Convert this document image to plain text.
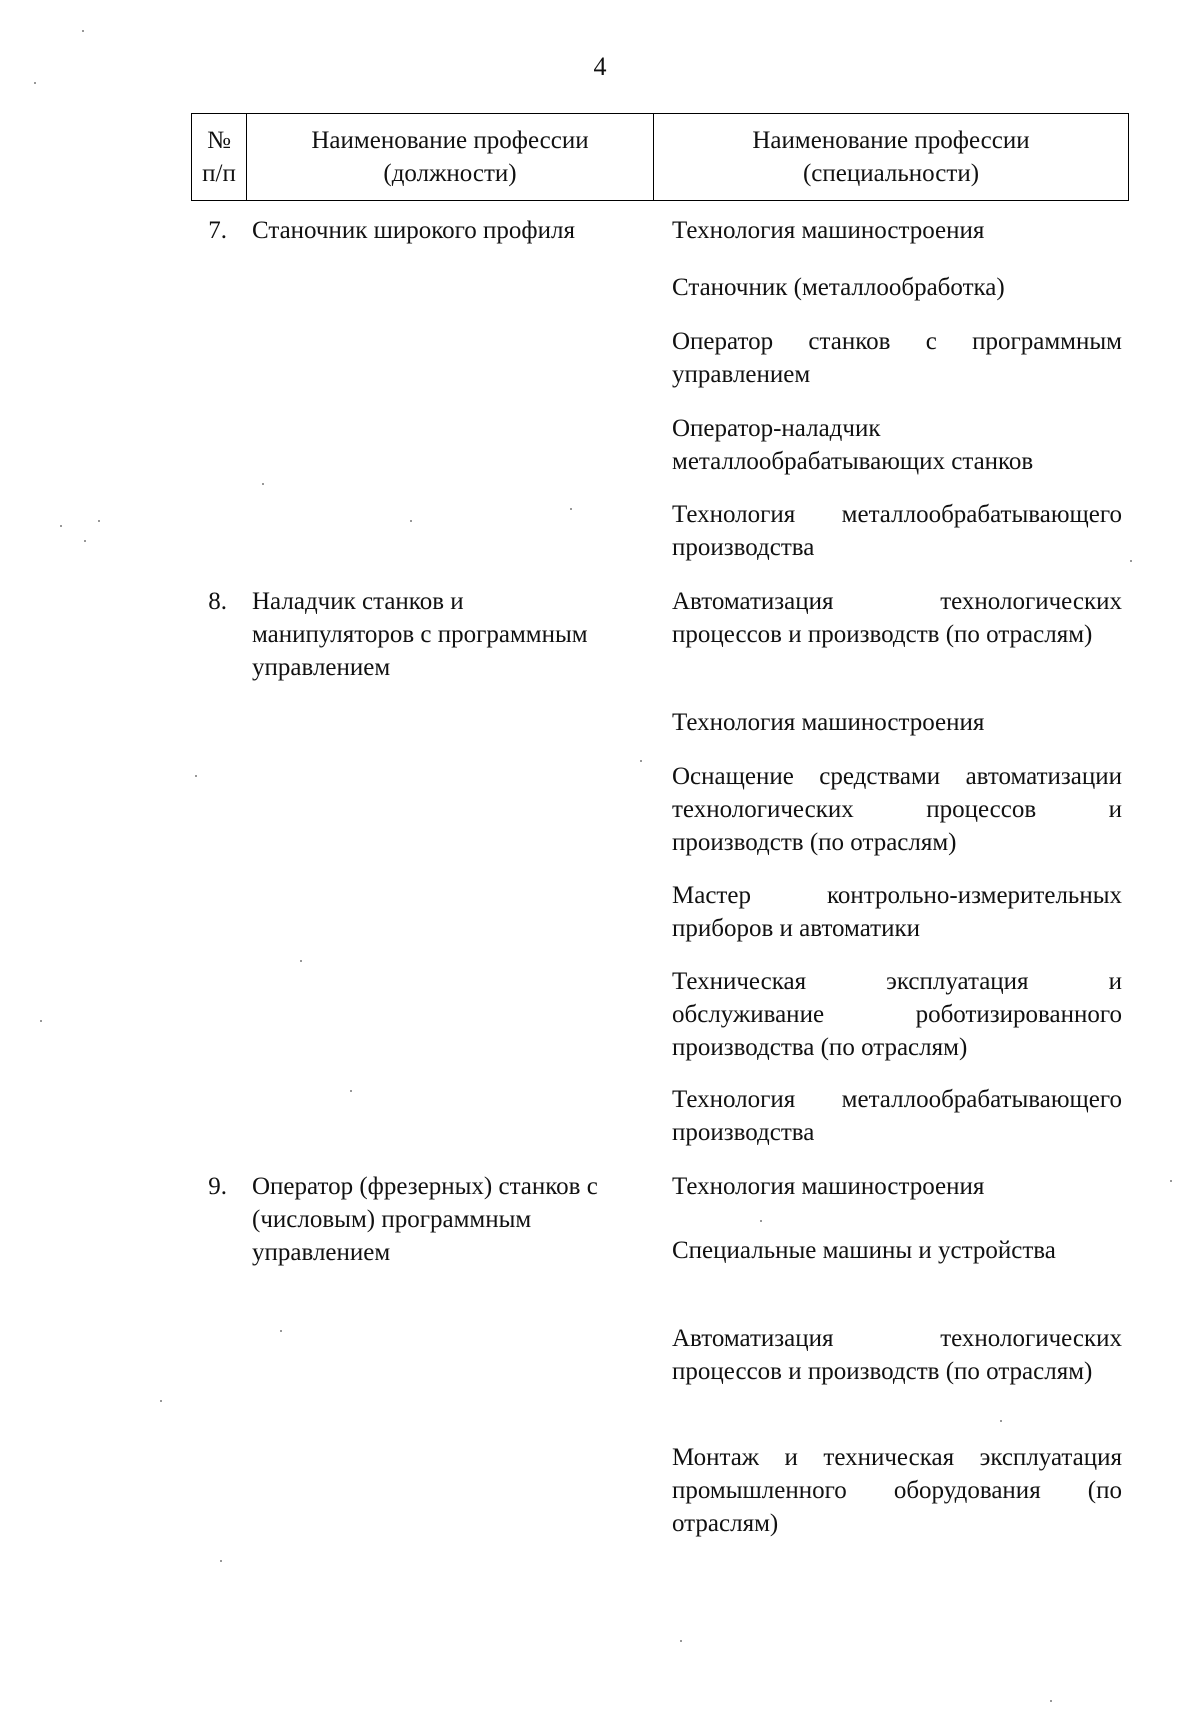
4
№
п/п
Наименование профессии
(должности)
Наименование профессии
(специальности)
7. Станочник широкого профиля	Технология машиностроения
Станочник (металлообработка)
Оператор станков с программным управлением
Оператор-наладчик металлообрабатывающих станков
Технология металлообрабатывающего производства
8. Наладчик станков и манипуляторов с программным управлением
Автоматизация технологических процессов и производств (по отраслям)
Технология машиностроения
Оснащение средствами автоматизации технологических процессов и производств (по отраслям)
Мастер контрольно-измерительных приборов и автоматики
Техническая эксплуатация и обслуживание роботизированного производства (по отраслям)
Технология металлообрабатывающего производства
9. Оператор (фрезерных) станков с (числовым) программным управлением
Технология машиностроения
Специальные машины и устройства
Автоматизация технологических процессов и производств (по отраслям)
Монтаж и техническая эксплуатация промышленного оборудования (по отраслям)
